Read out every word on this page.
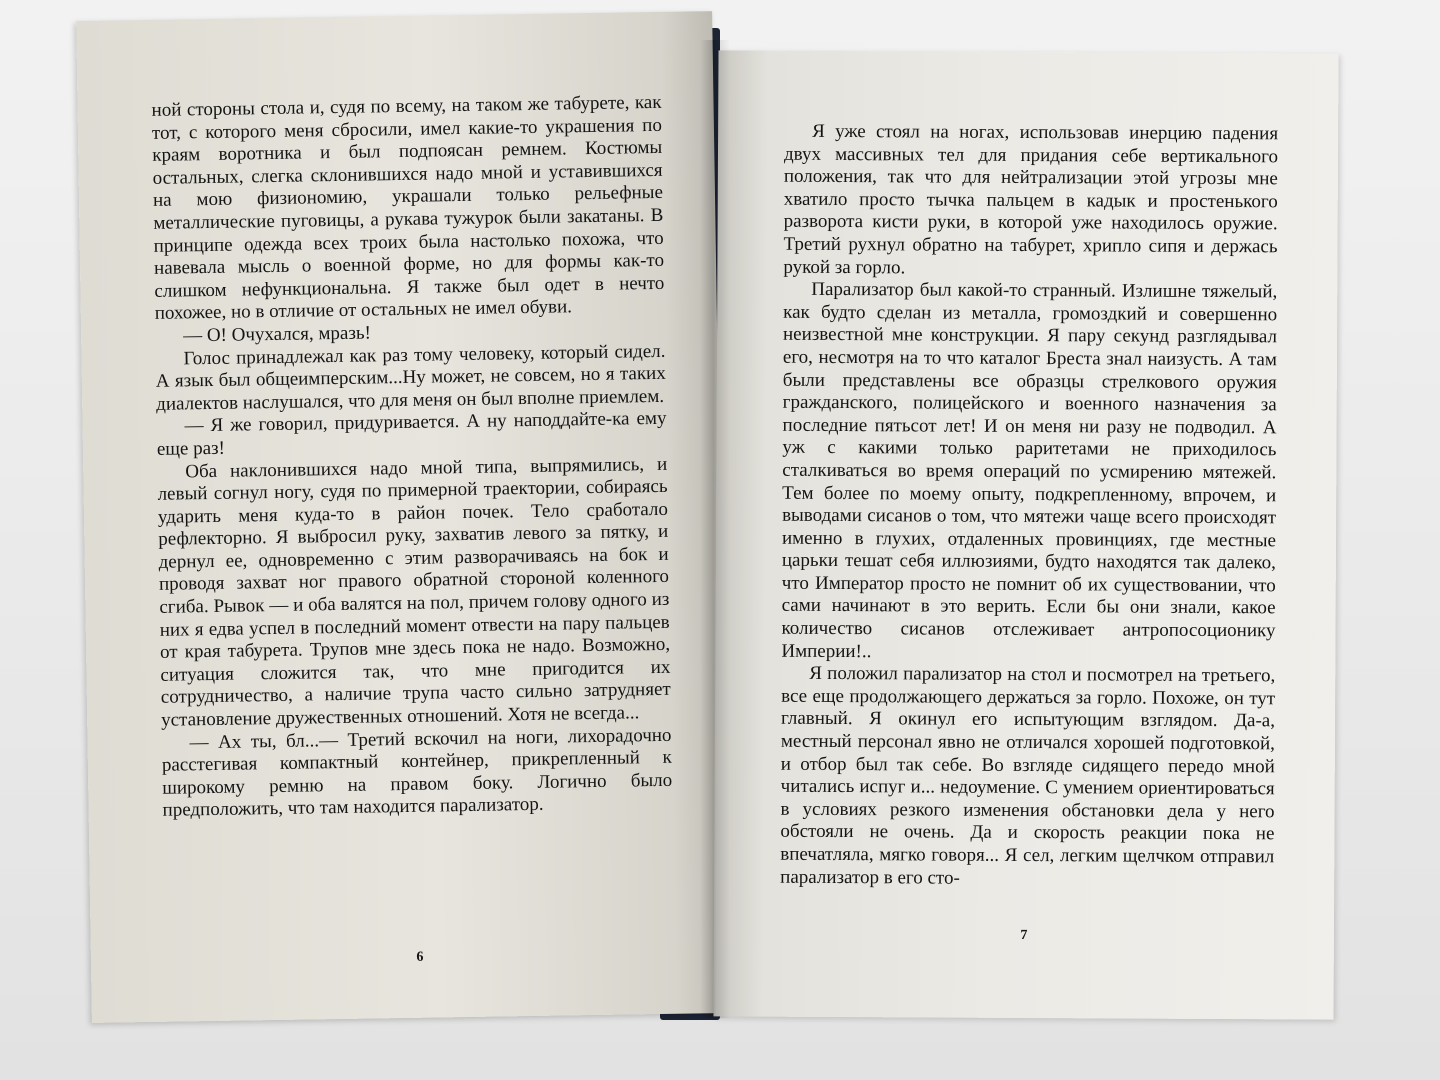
ной стороны стола и, судя по всему, на таком же табурете, как тот, с которого меня сбросили, имел какие-то украшения по краям воротника и был подпоясан ремнем. Костюмы остальных, слегка склонившихся надо мной и уставившихся на мою физиономию, украшали только рельефные металлические пуговицы, а рукава тужурок были закатаны. В принципе одежда всех троих была настолько похожа, что навевала мысль о военной форме, но для формы как-то слишком нефункциональна. Я также был одет в нечто похожее, но в отличие от остальных не имел обуви.

— О! Очухался, мразь!

Голос принадлежал как раз тому человеку, который сидел. А язык был общеимперским...Ну может, не совсем, но я таких диалектов наслушался, что для меня он был вполне приемлем.

— Я же говорил, придуривается. А ну наподдайте-ка ему еще раз!

Оба наклонившихся надо мной типа, выпрямились, и левый согнул ногу, судя по примерной траектории, собираясь ударить меня куда-то в район почек. Тело сработало рефлекторно. Я выбросил руку, захватив левого за пятку, и дернул ее, одновременно с этим разворачиваясь на бок и проводя захват ног правого обратной стороной коленного сгиба. Рывок — и оба валятся на пол, причем голову одного из них я едва успел в последний момент отвести на пару пальцев от края табурета. Трупов мне здесь пока не надо. Возможно, ситуация сложится так, что мне пригодится их сотрудничество, а наличие трупа часто сильно затрудняет установление дружественных отношений. Хотя не всегда...

— Ах ты, бл...— Третий вскочил на ноги, лихорадочно расстегивая компактный контейнер, прикрепленный к широкому ремню на правом боку. Логично было предположить, что там находится парализатор.

6

Я уже стоял на ногах, использовав инерцию падения двух массивных тел для придания себе вертикального положения, так что для нейтрализации этой угрозы мне хватило просто тычка пальцем в кадык и простенького разворота кисти руки, в которой уже находилось оружие. Третий рухнул обратно на табурет, хрипло сипя и держась рукой за горло.

Парализатор был какой-то странный. Излишне тяжелый, как будто сделан из металла, громоздкий и совершенно неизвестной мне конструкции. Я пару секунд разглядывал его, несмотря на то что каталог Бреста знал наизусть. А там были представлены все образцы стрелкового оружия гражданского, полицейского и военного назначения за последние пятьсот лет! И он меня ни разу не подводил. А уж с какими только раритетами не приходилось сталкиваться во время операций по усмирению мятежей. Тем более по моему опыту, подкрепленному, впрочем, и выводами сисанов о том, что мятежи чаще всего происходят именно в глухих, отдаленных провинциях, где местные царьки тешат себя иллюзиями, будто находятся так далеко, что Император просто не помнит об их существовании, что сами начинают в это верить. Если бы они знали, какое количество сисанов отслеживает антропосоционику Империи!..

Я положил парализатор на стол и посмотрел на третьего, все еще продолжающего держаться за горло. Похоже, он тут главный. Я окинул его испытующим взглядом. Да-а, местный персонал явно не отличался хорошей подготовкой, и отбор был так себе. Во взгляде сидящего передо мной читались испуг и... недоумение. С умением ориентироваться в условиях резкого изменения обстановки дела у него обстояли не очень. Да и скорость реакции пока не впечатляла, мягко говоря... Я сел, легким щелчком отправил парализатор в его сто-

7
